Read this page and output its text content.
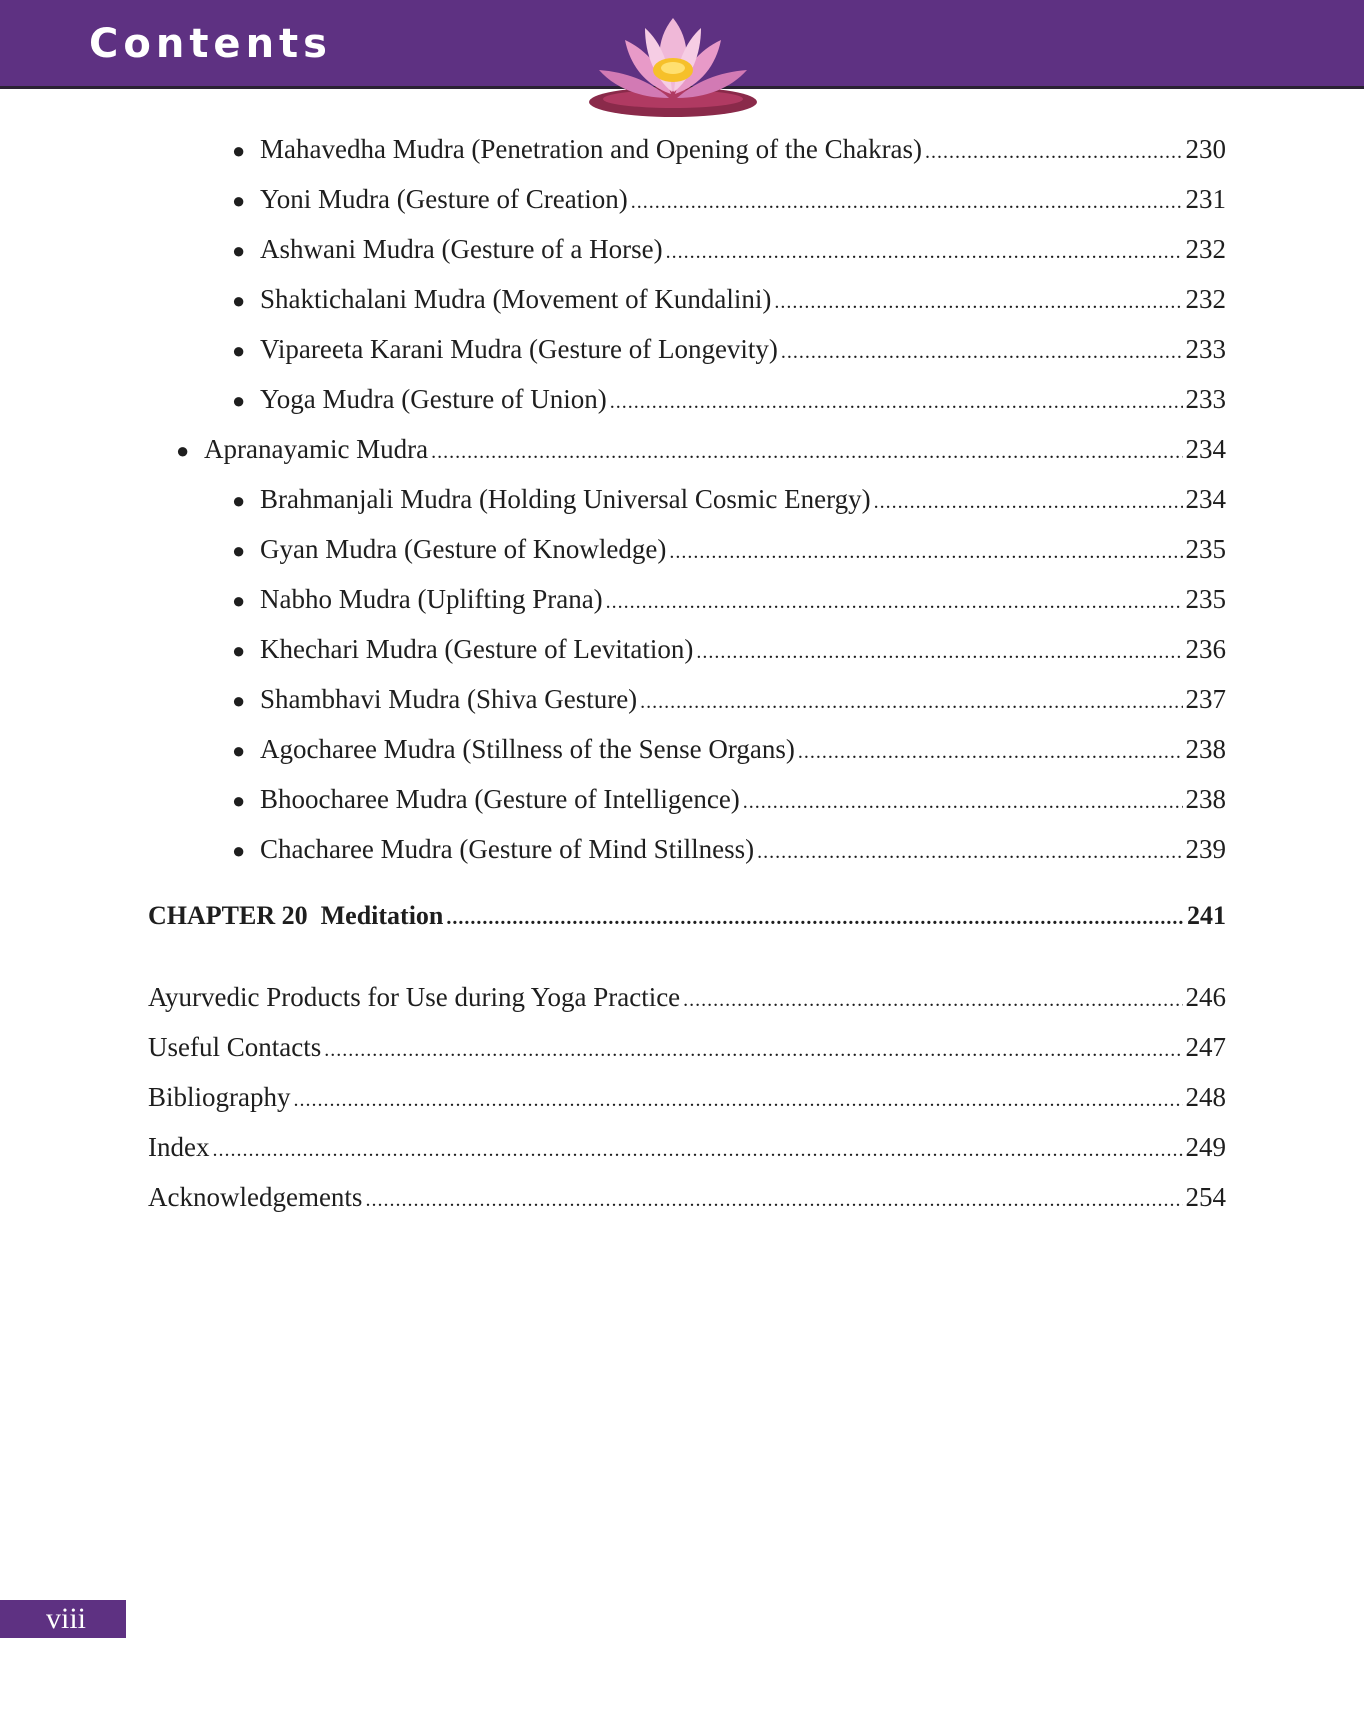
Contents
● Mahavedha Mudra (Penetration and Opening of the Chakras) .....	230
● Yoni Mudra (Gesture of Creation) .....	231
● Ashwani Mudra (Gesture of a Horse) .....	232
● Shaktichalani Mudra (Movement of Kundalini) .....	232
● Vipareeta Karani Mudra (Gesture of Longevity) .....	233
● Yoga Mudra (Gesture of Union) .....	233
● Apranayamic Mudra .....	234
● Brahmanjali Mudra (Holding Universal Cosmic Energy) .....	234
● Gyan Mudra (Gesture of Knowledge) .....	235
● Nabho Mudra (Uplifting Prana) .....	235
● Khechari Mudra (Gesture of Levitation) .....	236
● Shambhavi Mudra (Shiva Gesture) .....	237
● Agocharee Mudra (Stillness of the Sense Organs) .....	238
● Bhoocharee Mudra (Gesture of Intelligence) .....	238
● Chacharee Mudra (Gesture of Mind Stillness) .....	239
CHAPTER 20  Meditation .....	241
Ayurvedic Products for Use during Yoga Practice .....	246
Useful Contacts .....	247
Bibliography .....	248
Index .....	249
Acknowledgements .....	254
viii
